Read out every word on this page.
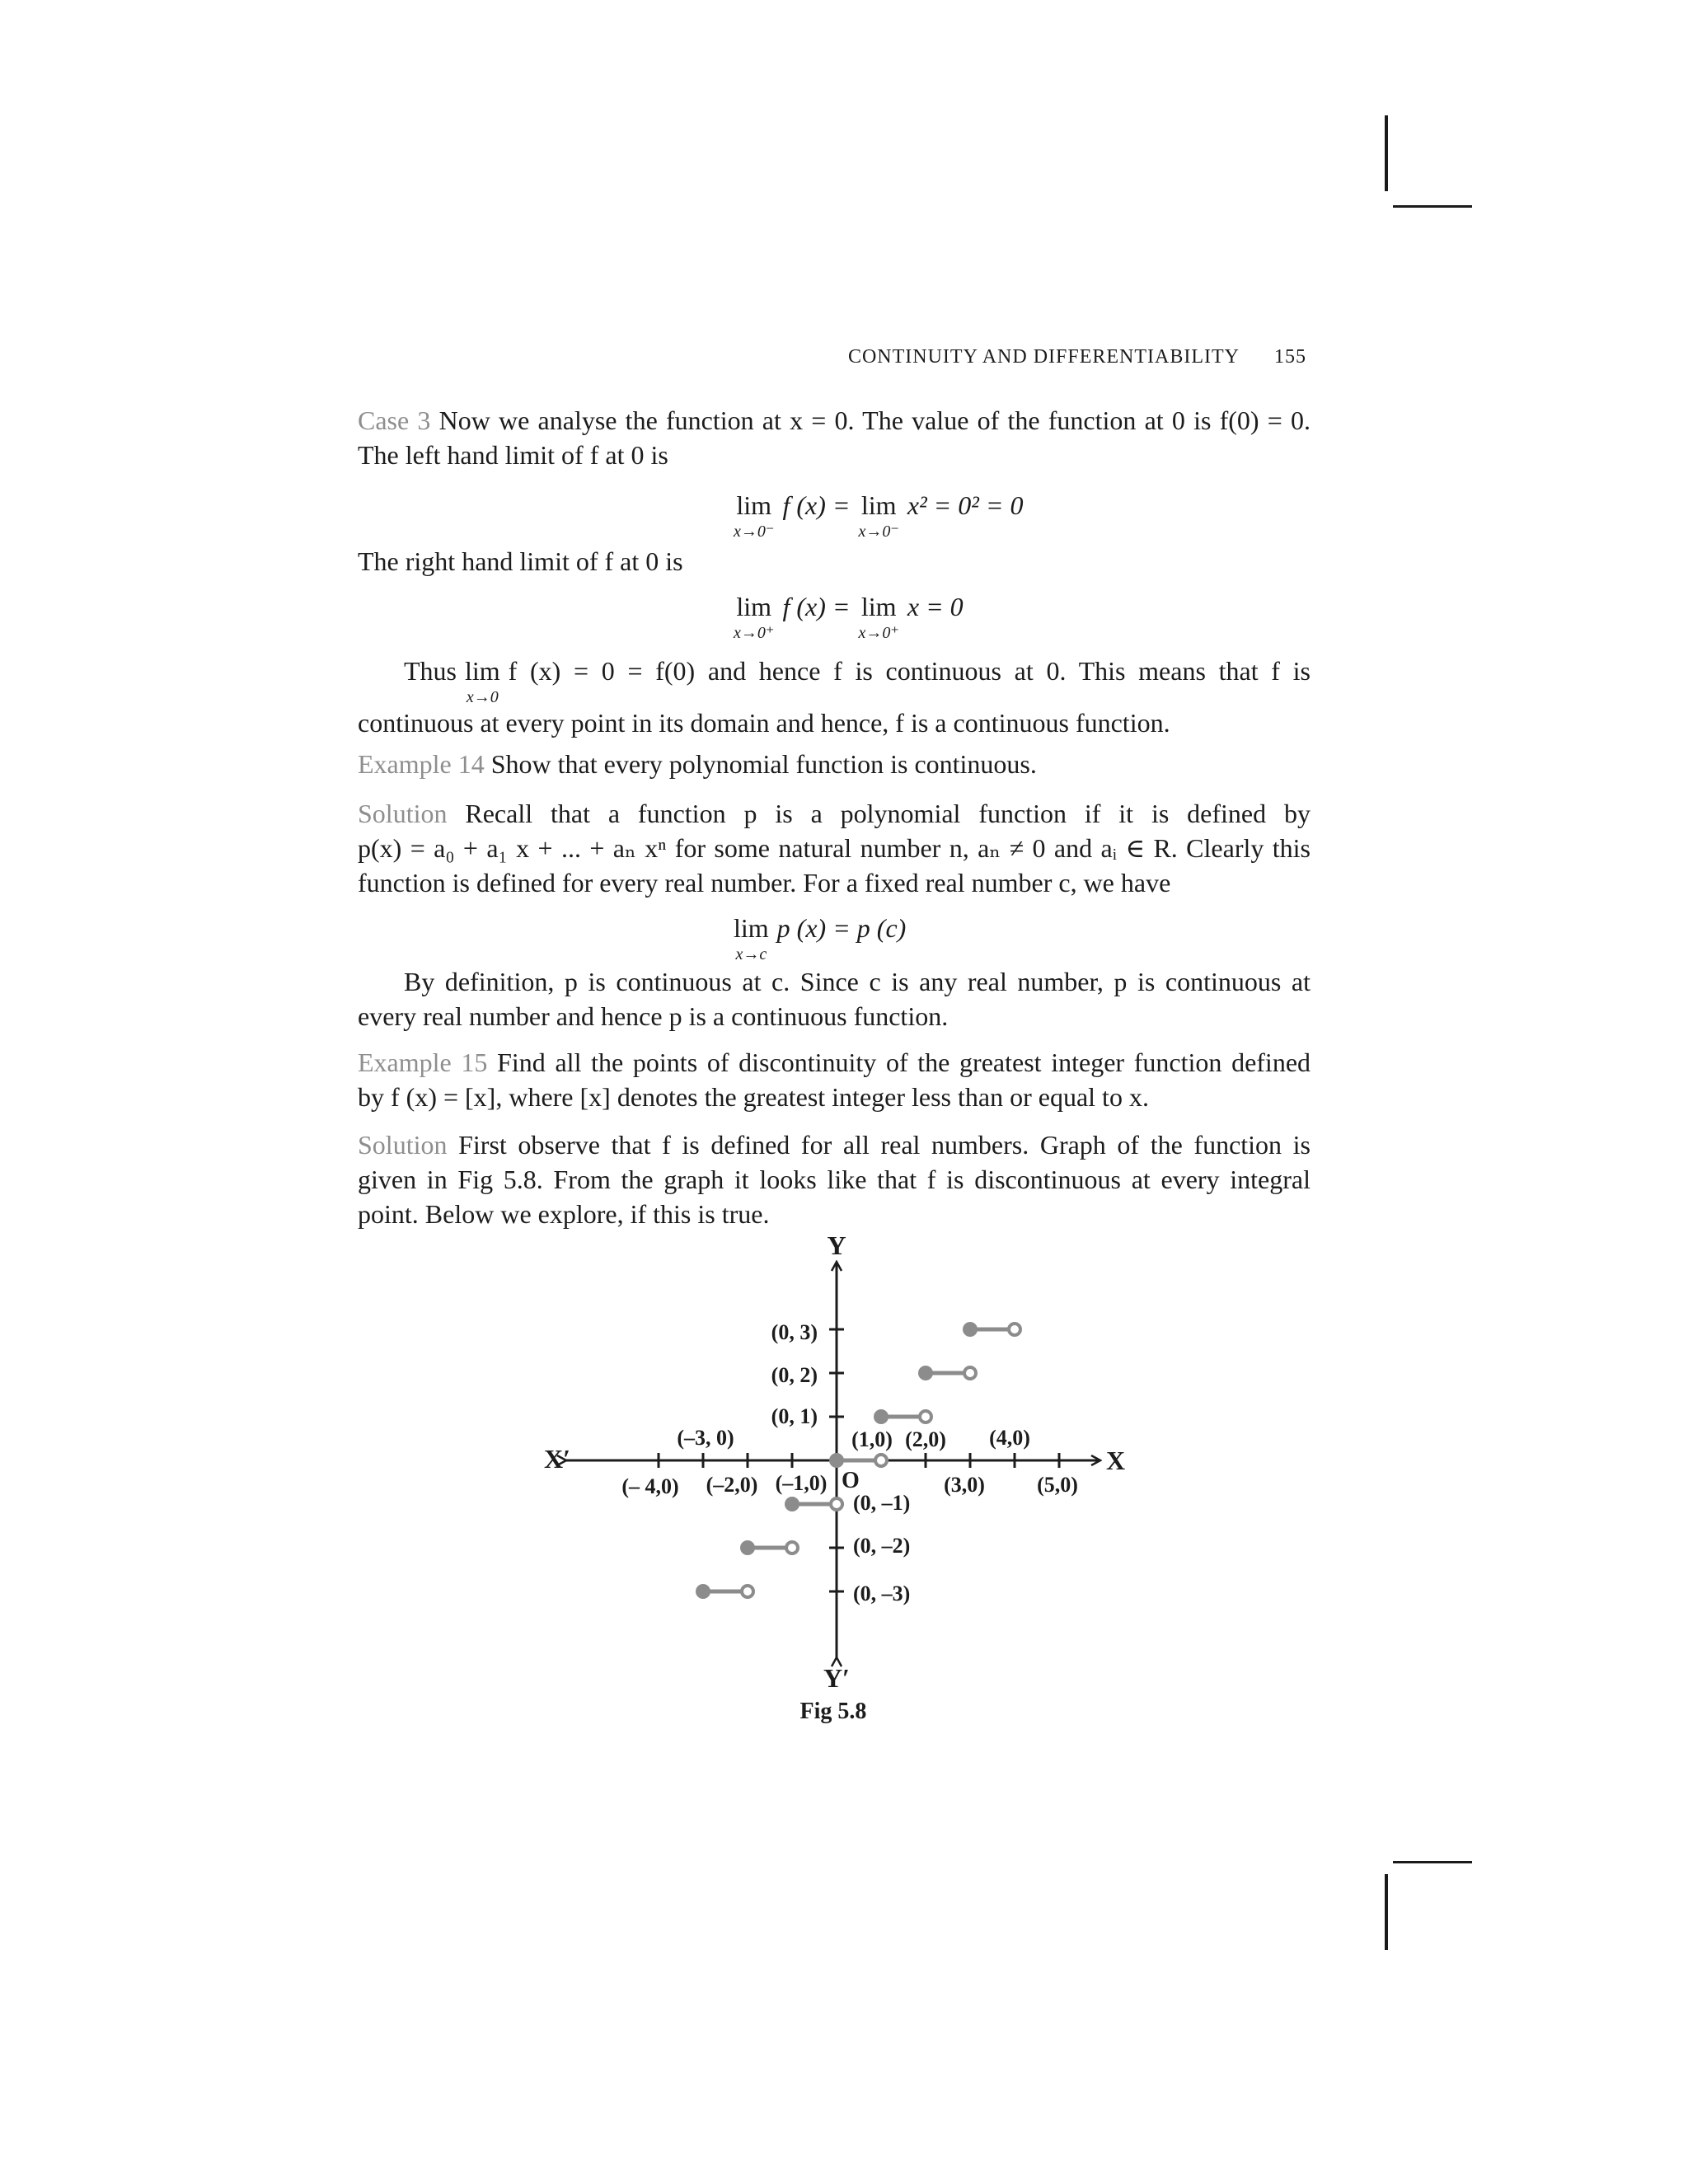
CONTINUITY AND DIFFERENTIABILITY 155
Case 3 Now we analyse the function at x = 0. The value of the function at 0 is f(0) = 0.
The left hand limit of f at 0 is
lim
x→0⁻
f (x) = lim
x→0⁻
x² = 0² = 0
The right hand limit of f at 0 is
lim
x→0⁺
f (x) = lim
x→0⁺
x = 0
Thus lim
x→0
f (x) = 0 = f(0) and hence f is continuous at 0. This means that f is
continuous at every point in its domain and hence, f is a continuous function.
Example 14 Show that every polynomial function is continuous.
Solution Recall that a function p is a polynomial function if it is defined by
p(x) = a₀ + a₁ x + ... + aₙ xⁿ for some natural number n, aₙ ≠ 0 and aᵢ ∈ R. Clearly this
function is defined for every real number. For a fixed real number c, we have
lim
x→c
p (x) = p (c)
By definition, p is continuous at c. Since c is any real number, p is continuous at
every real number and hence p is a continuous function.
Example 15 Find all the points of discontinuity of the greatest integer function defined
by f (x) = [x], where [x] denotes the greatest integer less than or equal to x.
Solution First observe that f is defined for all real numbers. Graph of the function is
given in Fig 5.8. From the graph it looks like that f is discontinuous at every integral
point. Below we explore, if this is true.
Y
Y′
X
X′
O
(0, 3)
(0, 2)
(0, 1)
(0, –1)
(0, –2)
(0, –3)
(–3, 0)
(– 4,0) (–2,0) (–1,0)
(1,0) (2,0) (4,0)
(3,0) (5,0)
Fig 5.8
